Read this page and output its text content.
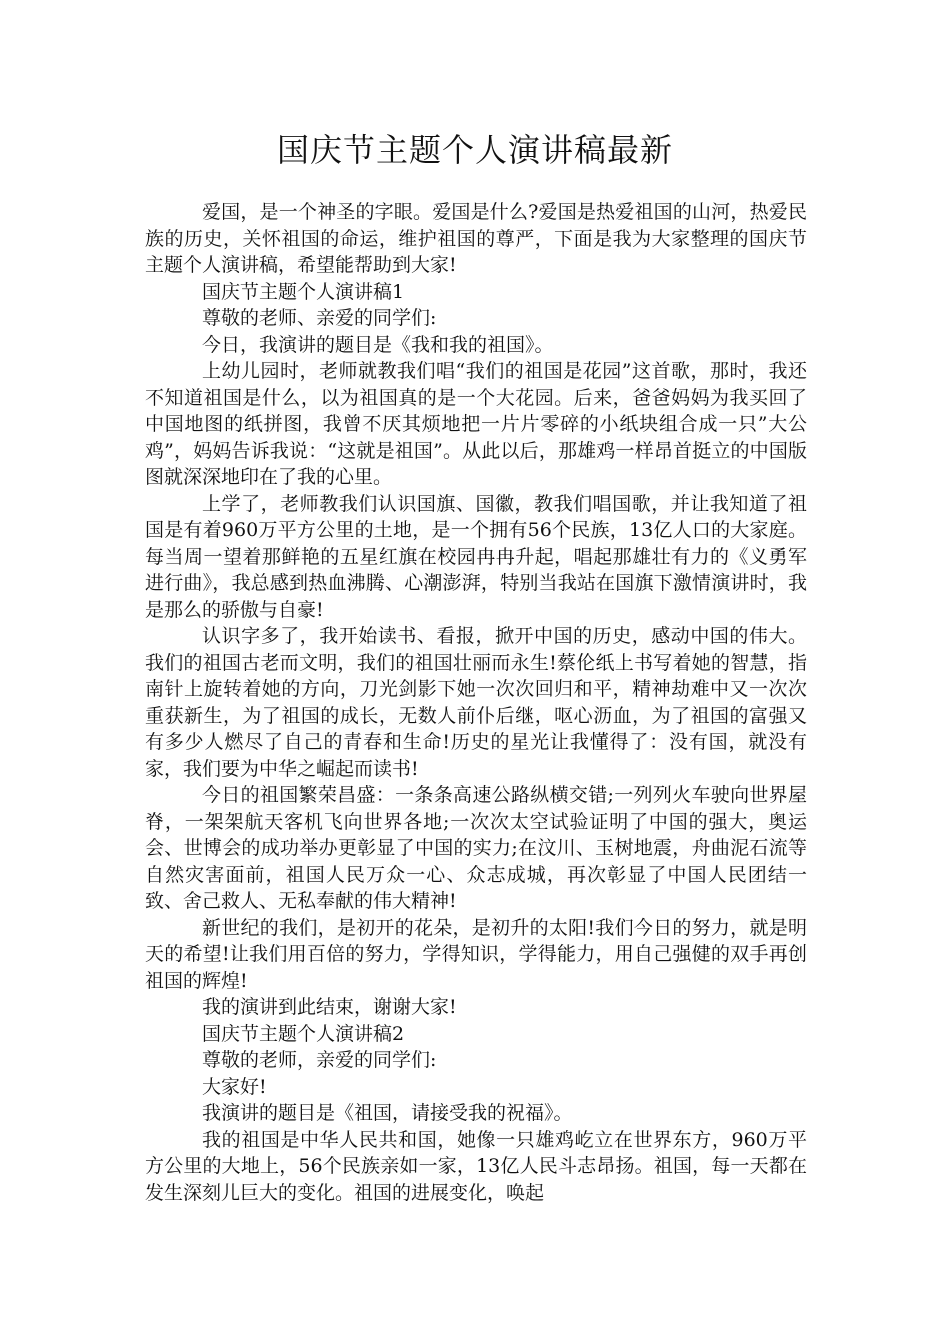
国庆节主题个人演讲稿最新

爱国，是一个神圣的字眼。爱国是什么?爱国是热爱祖国的山河，热爱民族的历史，关怀祖国的命运，维护祖国的尊严，下面是我为大家整理的国庆节主题个人演讲稿，希望能帮助到大家!

国庆节主题个人演讲稿1

尊敬的老师、亲爱的同学们:

今日，我演讲的题目是《我和我的祖国》。

上幼儿园时，老师就教我们唱“我们的祖国是花园”这首歌，那时，我还不知道祖国是什么，以为祖国真的是一个大花园。后来，爸爸妈妈为我买回了中国地图的纸拼图，我曾不厌其烦地把一片片零碎的小纸块组合成一只”大公鸡”，妈妈告诉我说：“这就是祖国”。从此以后，那雄鸡一样昂首挺立的中国版图就深深地印在了我的心里。

上学了，老师教我们认识国旗、国徽，教我们唱国歌，并让我知道了祖国是有着960万平方公里的土地，是一个拥有56个民族，13亿人口的大家庭。每当周一望着那鲜艳的五星红旗在校园冉冉升起，唱起那雄壮有力的《义勇军进行曲》，我总感到热血沸腾、心潮澎湃，特别当我站在国旗下激情演讲时，我是那么的骄傲与自豪!

认识字多了，我开始读书、看报，掀开中国的历史，感动中国的伟大。我们的祖国古老而文明，我们的祖国壮丽而永生!蔡伦纸上书写着她的智慧，指南针上旋转着她的方向，刀光剑影下她一次次回归和平，精神劫难中又一次次重获新生，为了祖国的成长，无数人前仆后继，呕心沥血，为了祖国的富强又有多少人燃尽了自己的青春和生命!历史的星光让我懂得了：没有国，就没有家，我们要为中华之崛起而读书!

今日的祖国繁荣昌盛：一条条高速公路纵横交错;一列列火车驶向世界屋脊，一架架航天客机飞向世界各地;一次次太空试验证明了中国的强大，奥运会、世博会的成功举办更彰显了中国的实力;在汶川、玉树地震，舟曲泥石流等自然灾害面前，祖国人民万众一心、众志成城，再次彰显了中国人民团结一致、舍己救人、无私奉献的伟大精神!

新世纪的我们，是初开的花朵，是初升的太阳!我们今日的努力，就是明天的希望!让我们用百倍的努力，学得知识，学得能力，用自己强健的双手再创祖国的辉煌!

我的演讲到此结束，谢谢大家!

国庆节主题个人演讲稿2

尊敬的老师，亲爱的同学们:

大家好!

我演讲的题目是《祖国，请接受我的祝福》。

我的祖国是中华人民共和国，她像一只雄鸡屹立在世界东方，960万平方公里的大地上，56个民族亲如一家，13亿人民斗志昂扬。祖国，每一天都在发生深刻儿巨大的变化。祖国的进展变化，唤起
